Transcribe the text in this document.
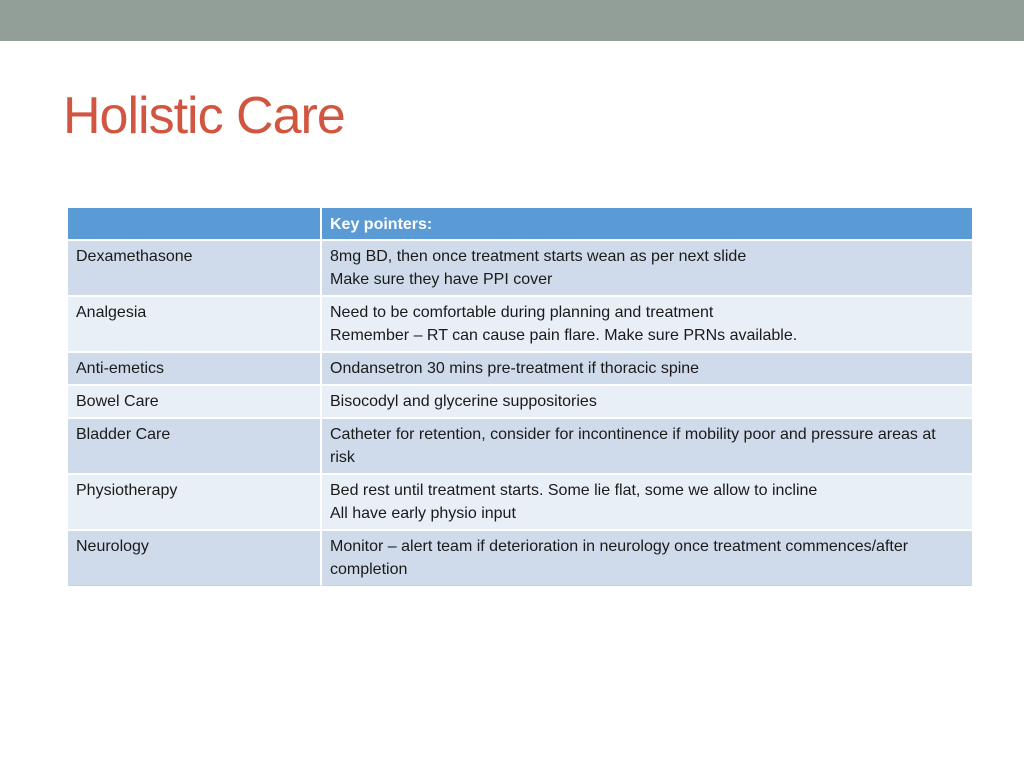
Holistic Care
	Key pointers:
Dexamethasone	8mg BD, then once treatment starts wean as per next slide
Make sure they have PPI cover

Analgesia	Need to be comfortable during planning and treatment
Remember – RT can cause pain flare. Make sure PRNs available.

Anti-emetics	Ondansetron 30 mins pre-treatment if thoracic spine

Bowel Care	Bisocodyl and glycerine suppositories

Bladder Care	Catheter for retention, consider for incontinence if mobility poor and pressure areas at risk

Physiotherapy	Bed rest until treatment starts. Some lie flat, some we allow to incline
All have early physio input

Neurology	Monitor – alert team if deterioration in neurology once treatment commences/after completion
